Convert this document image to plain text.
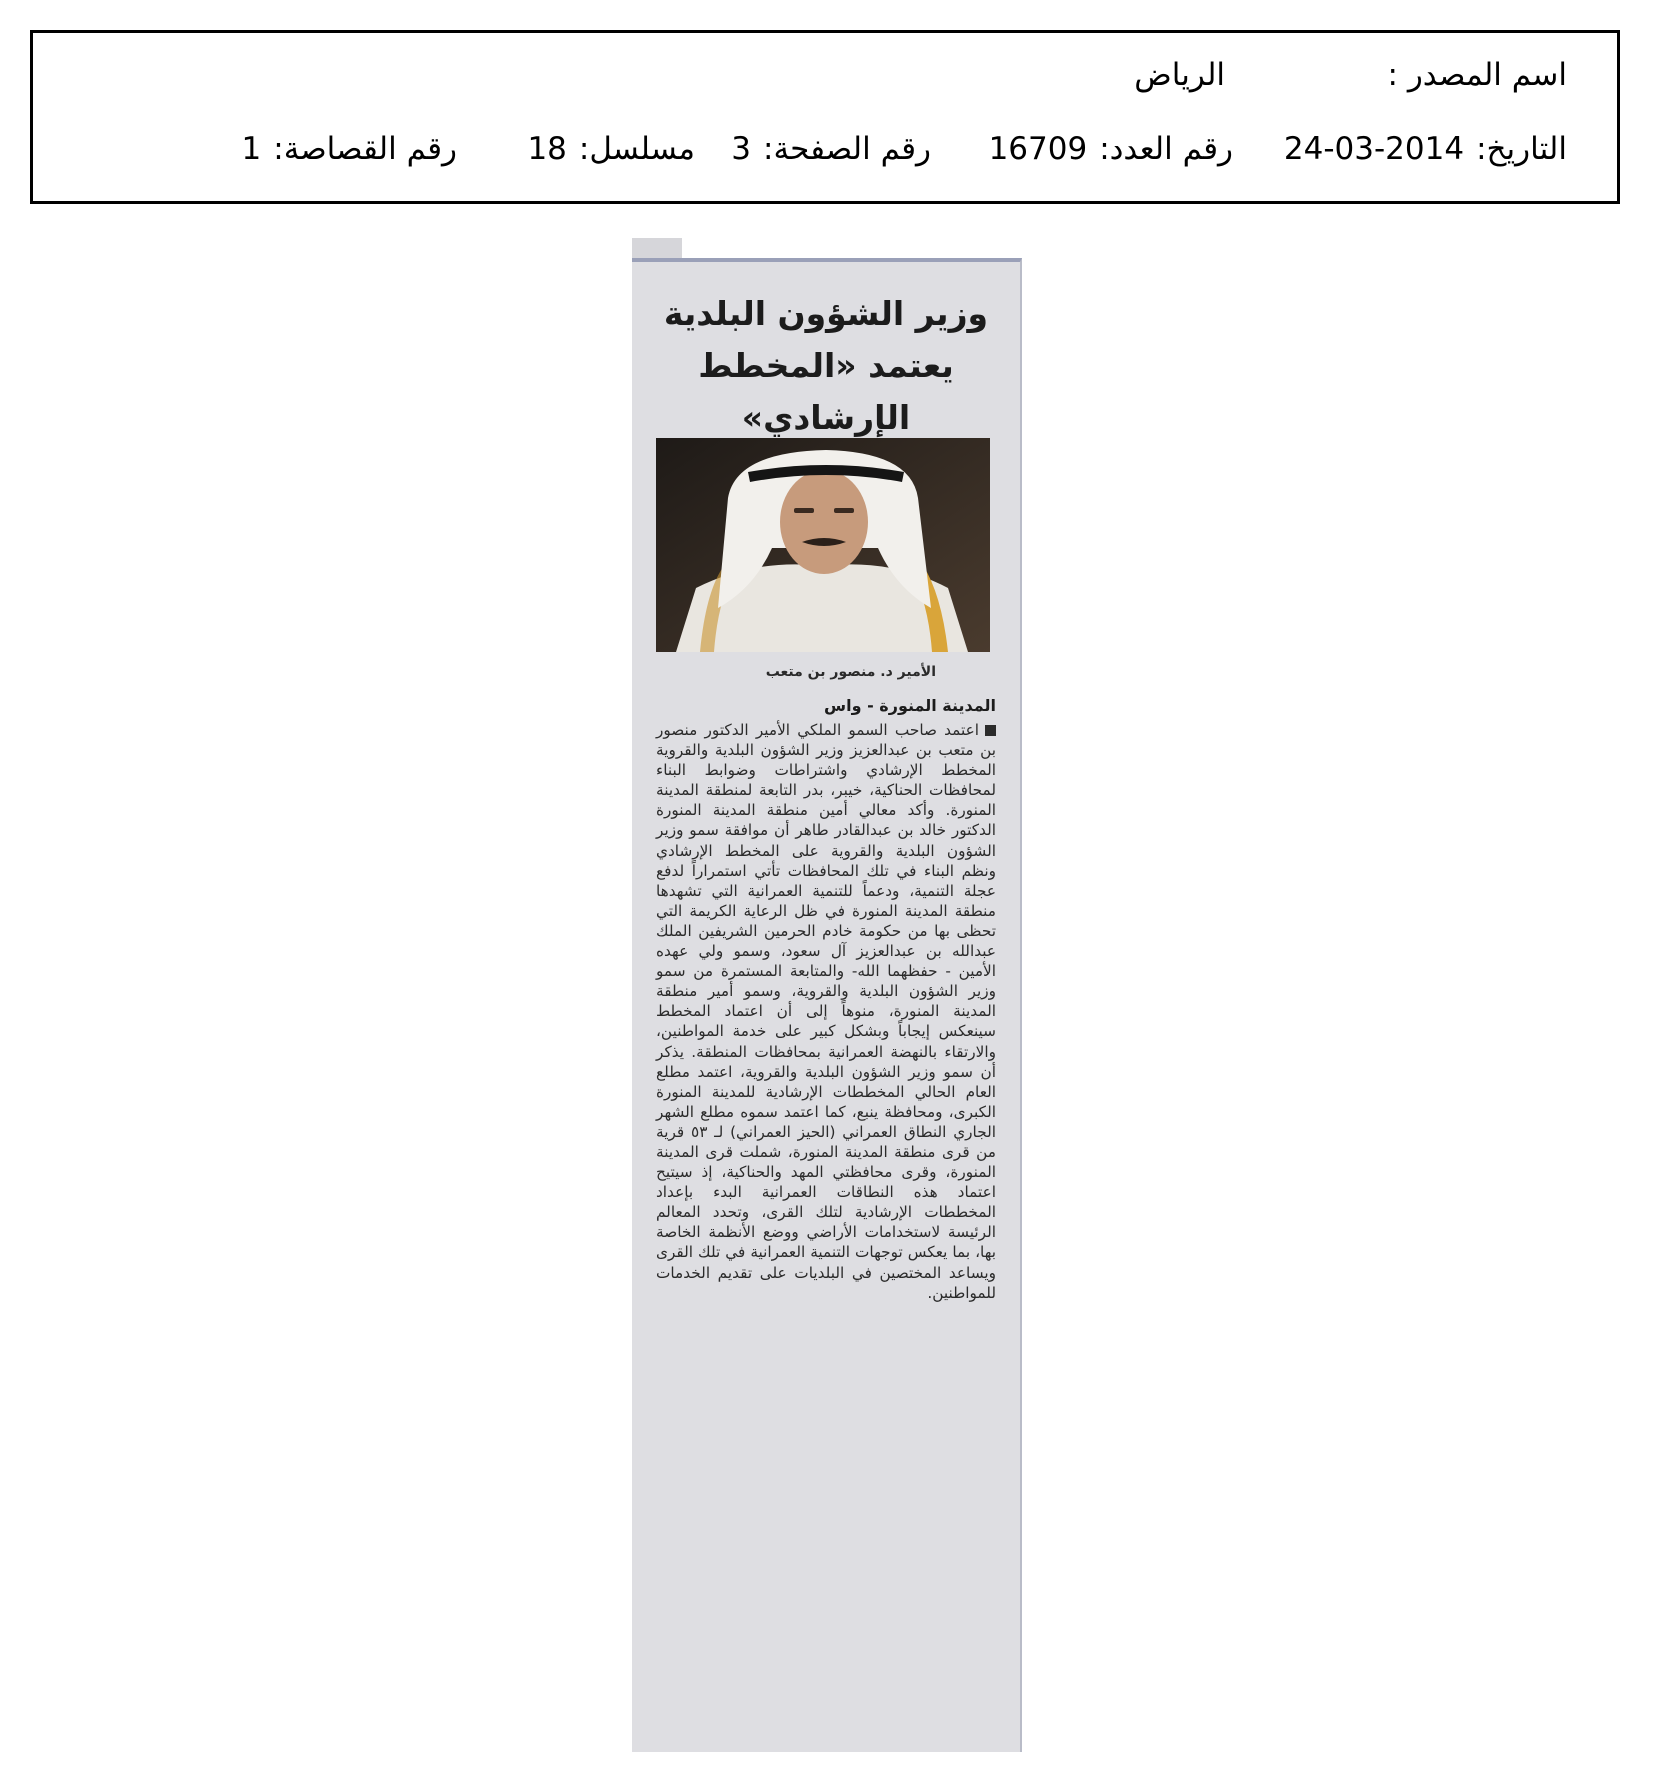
اسم المصدر :
الرياض
التاريخ:2014-03-24
رقم العدد:16709
رقم الصفحة:3
مسلسل:18
رقم القصاصة:1
وزير الشؤون البلدية يعتمد «المخطط الإرشادي»
الأمير د. منصور بن متعب
المدينة المنورة - واس
اعتمد صاحب السمو الملكي الأمير الدكتور منصور بن متعب بن عبدالعزيز وزير الشؤون البلدية والقروية المخطط الإرشادي واشتراطات وضوابط البناء لمحافظات الحناكية، خيبر، بدر التابعة لمنطقة المدينة المنورة. وأكد معالي أمين منطقة المدينة المنورة الدكتور خالد بن عبدالقادر طاهر أن موافقة سمو وزير الشؤون البلدية والقروية على المخطط الإرشادي ونظم البناء في تلك المحافظات تأتي استمراراً لدفع عجلة التنمية، ودعماً للتنمية العمرانية التي تشهدها منطقة المدينة المنورة في ظل الرعاية الكريمة التي تحظى بها من حكومة خادم الحرمين الشريفين الملك عبدالله بن عبدالعزيز آل سعود، وسمو ولي عهده الأمين - حفظهما الله- والمتابعة المستمرة من سمو وزير الشؤون البلدية والقروية، وسمو أمير منطقة المدينة المنورة، منوهاً إلى أن اعتماد المخطط سينعكس إيجاباً وبشكل كبير على خدمة المواطنين، والارتقاء بالنهضة العمرانية بمحافظات المنطقة. يذكر أن سمو وزير الشؤون البلدية والقروية، اعتمد مطلع العام الحالي المخططات الإرشادية للمدينة المنورة الكبرى، ومحافظة ينبع، كما اعتمد سموه مطلع الشهر الجاري النطاق العمراني (الحيز العمراني) لـ ٥٣ قرية من قرى منطقة المدينة المنورة، شملت قرى المدينة المنورة، وقرى محافظتي المهد والحناكية، إذ سيتيح اعتماد هذه النطاقات العمرانية البدء بإعداد المخططات الإرشادية لتلك القرى، وتحدد المعالم الرئيسة لاستخدامات الأراضي ووضع الأنظمة الخاصة بها، بما يعكس توجهات التنمية العمرانية في تلك القرى ويساعد المختصين في البلديات على تقديم الخدمات للمواطنين.
